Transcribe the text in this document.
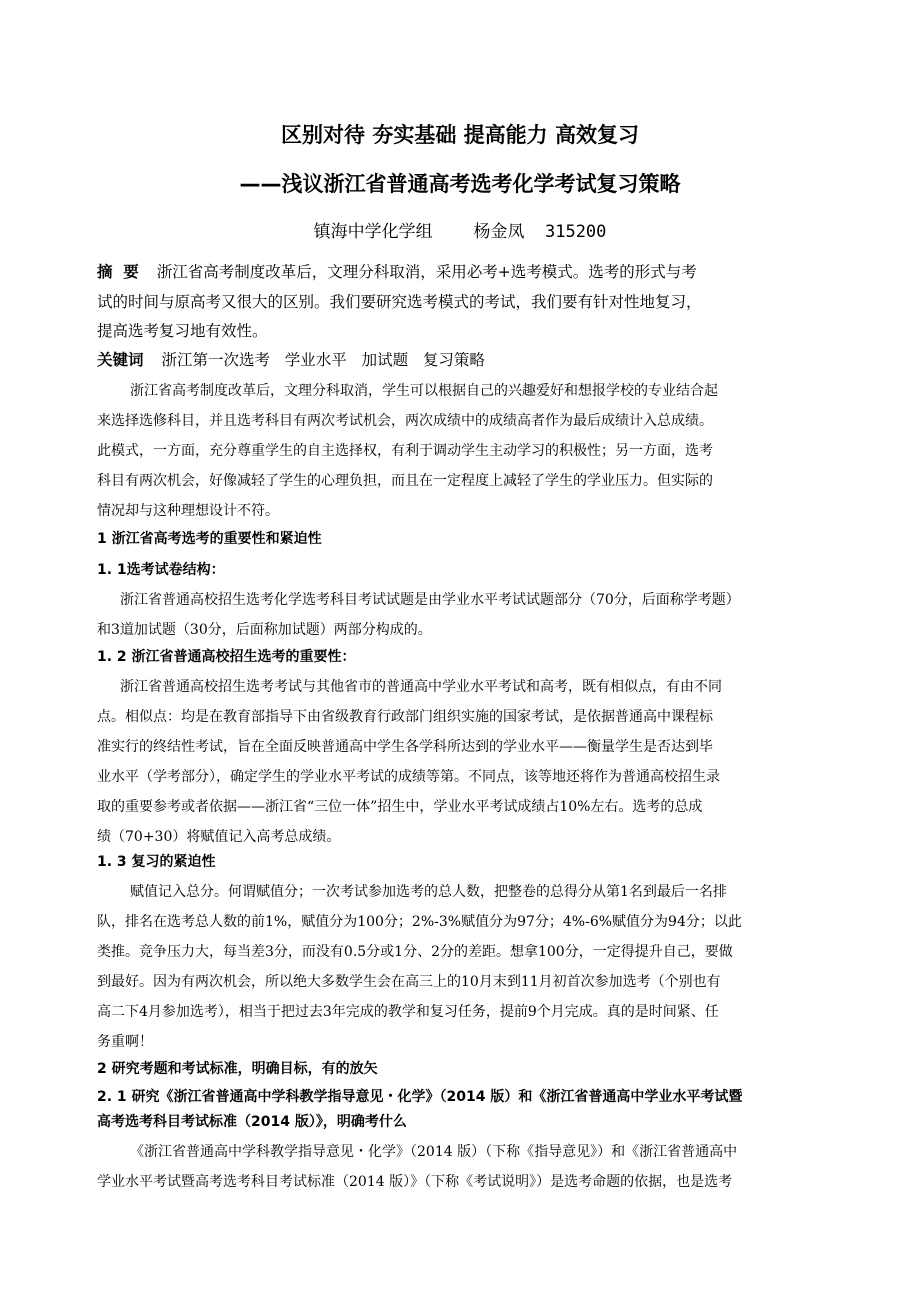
区别对待 夯实基础 提高能力 高效复习
——浅议浙江省普通高考选考化学考试复习策略
镇海中学化学组    杨金凤  315200
摘  要 浙江省高考制度改革后，文理分科取消，采用必考+选考模式。选考的形式与考
试的时间与原高考又很大的区别。我们要研究选考模式的考试，我们要有针对性地复习，
提高选考复习地有效性。
关键词 浙江第一次选考   学业水平   加试题   复习策略
浙江省高考制度改革后，文理分科取消，学生可以根据自己的兴趣爱好和想报学校的专业结合起
来选择选修科目，并且选考科目有两次考试机会，两次成绩中的成绩高者作为最后成绩计入总成绩。
此模式，一方面，充分尊重学生的自主选择权，有利于调动学生主动学习的积极性；另一方面，选考
科目有两次机会，好像减轻了学生的心理负担，而且在一定程度上减轻了学生的学业压力。但实际的
情况却与这种理想设计不符。
1 浙江省高考选考的重要性和紧迫性
1. 1选考试卷结构：
浙江省普通高校招生选考化学选考科目考试试题是由学业水平考试试题部分（70分，后面称学考题）
和3道加试题（30分，后面称加试题）两部分构成的。
1. 2 浙江省普通高校招生选考的重要性：
浙江省普通高校招生选考考试与其他省市的普通高中学业水平考试和高考，既有相似点，有由不同
点。相似点：均是在教育部指导下由省级教育行政部门组织实施的国家考试，是依据普通高中课程标
准实行的终结性考试，旨在全面反映普通高中学生各学科所达到的学业水平——衡量学生是否达到毕
业水平（学考部分），确定学生的学业水平考试的成绩等第。不同点，该等地还将作为普通高校招生录
取的重要参考或者依据——浙江省“三位一体”招生中，学业水平考试成绩占10%左右。选考的总成
绩（70+30）将赋值记入高考总成绩。
1. 3 复习的紧迫性
赋值记入总分。何谓赋值分；一次考试参加选考的总人数，把整卷的总得分从第1名到最后一名排
队，排名在选考总人数的前1%，赋值分为100分；2%-3%赋值分为97分；4%-6%赋值分为94分；以此
类推。竞争压力大，每当差3分，而没有0.5分或1分、2分的差距。想拿100分，一定得提升自己，要做
到最好。因为有两次机会，所以绝大多数学生会在高三上的10月末到11月初首次参加选考（个别也有
高二下4月参加选考），相当于把过去3年完成的教学和复习任务，提前9个月完成。真的是时间紧、任
务重啊！
2 研究考题和考试标准，明确目标，有的放矢
2. 1 研究《浙江省普通高中学科教学指导意见・化学》（2014 版）和《浙江省普通高中学业水平考试暨
高考选考科目考试标准（2014 版）》，明确考什么
《浙江省普通高中学科教学指导意见・化学》（2014 版）（下称《指导意见》）和《浙江省普通高中
学业水平考试暨高考选考科目考试标准（2014 版）》（下称《考试说明》）是选考命题的依据，也是选考
